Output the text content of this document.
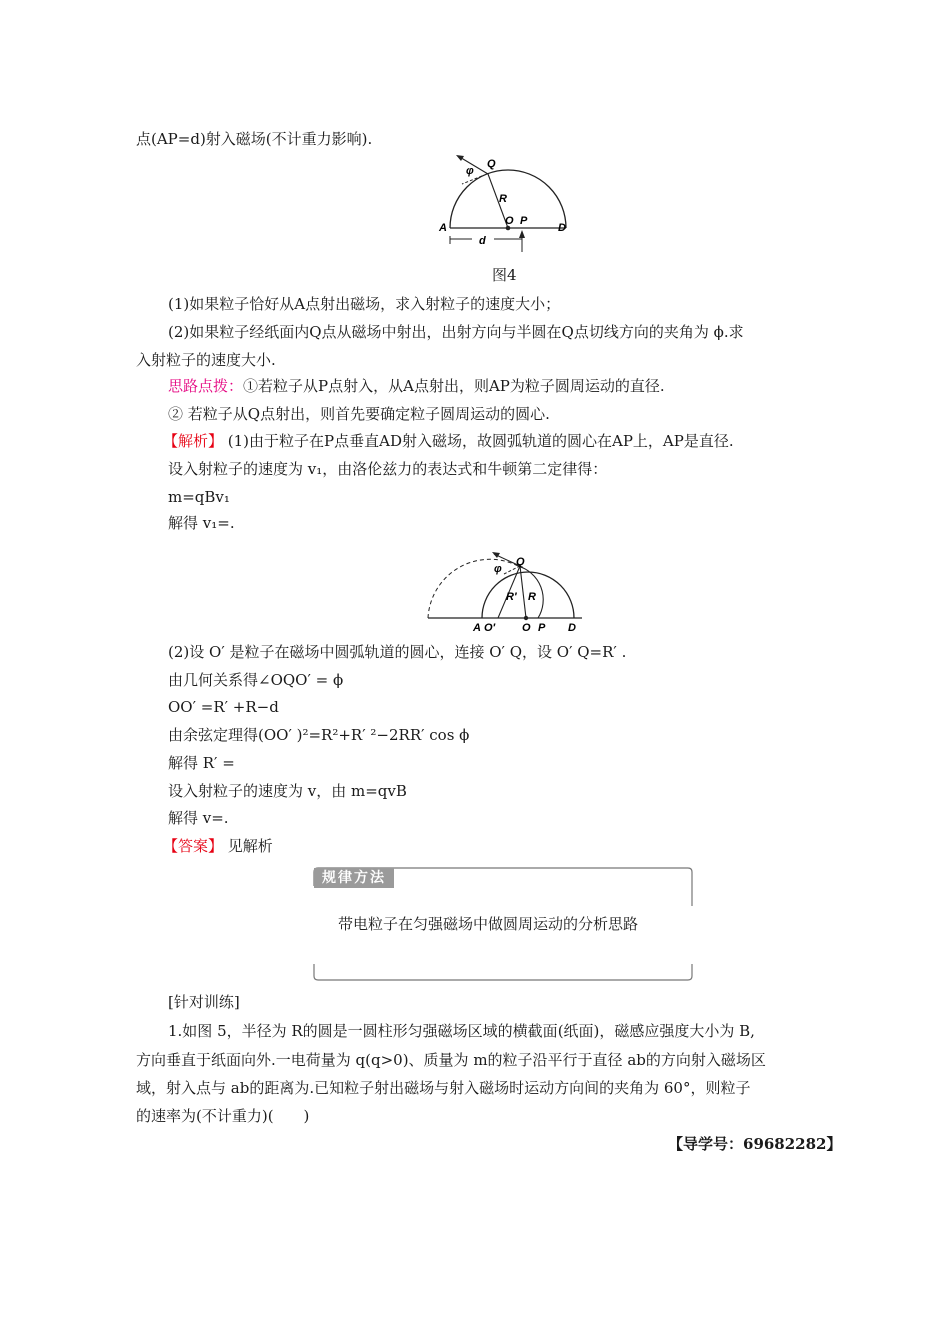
点(AP=d)射入磁场(不计重力影响).
φ
Q
R
A
O P
D
d
图4
(1)如果粒子恰好从A点射出磁场，求入射粒子的速度大小；
(2)如果粒子经纸面内Q点从磁场中射出，出射方向与半圆在Q点切线方向的夹角为 ϕ.求
入射粒子的速度大小.
思路点拨：①若粒子从P点射入，从A点射出，则AP为粒子圆周运动的直径.
② 若粒子从Q点射出，则首先要确定粒子圆周运动的圆心.
【解析】 (1)由于粒子在P点垂直AD射入磁场，故圆弧轨道的圆心在AP上，AP是直径.
设入射粒子的速度为 v₁，由洛伦兹力的表达式和牛顿第二定律得：
m=qBv₁
解得 v₁=.
Q
φ
R′ R
A O′ O P D
(2)设 O′ 是粒子在磁场中圆弧轨道的圆心，连接 O′ Q，设 O′ Q=R′ .
由几何关系得∠OQO′ = ϕ
OO′ =R′ +R−d
由余弦定理得(OO′ )²=R²+R′ ²−2RR′ cos ϕ
解得 R′ =
设入射粒子的速度为 v，由 m=qvB
解得 v=.
【答案】 见解析
规律方法
带电粒子在匀强磁场中做圆周运动的分析思路
[针对训练]
1.如图 5，半径为 R的圆是一圆柱形匀强磁场区域的横截面(纸面)，磁感应强度大小为 B,
方向垂直于纸面向外.一电荷量为 q(q>0)、质量为 m的粒子沿平行于直径 ab的方向射入磁场区
域，射入点与 ab的距离为.已知粒子射出磁场与射入磁场时运动方向间的夹角为 60°，则粒子
的速率为(不计重力)(　　)
【导学号：69682282】
